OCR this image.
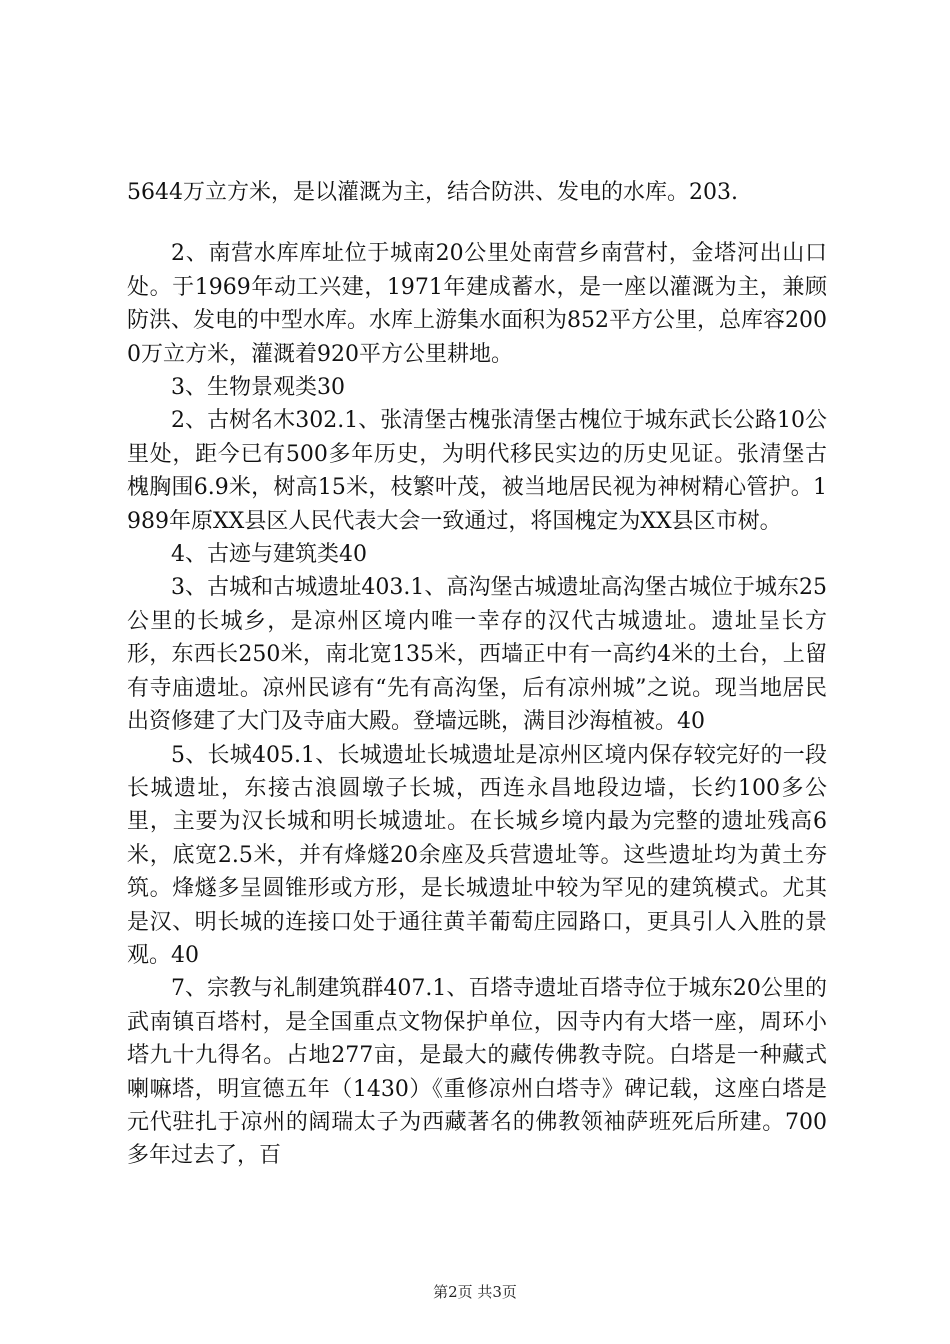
5644万立方米，是以灌溉为主，结合防洪、发电的水库。203.

2、南营水库库址位于城南20公里处南营乡南营村，金塔河出山口处。于1969年动工兴建，1971年建成蓄水，是一座以灌溉为主，兼顾防洪、发电的中型水库。水库上游集水面积为852平方公里，总库容2000万立方米，灌溉着920平方公里耕地。

3、生物景观类30

2、古树名木302.1、张清堡古槐张清堡古槐位于城东武长公路10公里处，距今已有500多年历史，为明代移民实边的历史见证。张清堡古槐胸围6.9米，树高15米，枝繁叶茂，被当地居民视为神树精心管护。1989年原XX县区人民代表大会一致通过，将国槐定为XX县区市树。

4、古迹与建筑类40

3、古城和古城遗址403.1、高沟堡古城遗址高沟堡古城位于城东25公里的长城乡，是凉州区境内唯一幸存的汉代古城遗址。遗址呈长方形，东西长250米，南北宽135米，西墙正中有一高约4米的土台，上留有寺庙遗址。凉州民谚有“先有高沟堡，后有凉州城”之说。现当地居民出资修建了大门及寺庙大殿。登墙远眺，满目沙海植被。40

5、长城405.1、长城遗址长城遗址是凉州区境内保存较完好的一段长城遗址，东接古浪圆墩子长城，西连永昌地段边墙，长约100多公里，主要为汉长城和明长城遗址。在长城乡境内最为完整的遗址残高6米，底宽2.5米，并有烽燧20余座及兵营遗址等。这些遗址均为黄土夯筑。烽燧多呈圆锥形或方形，是长城遗址中较为罕见的建筑模式。尤其是汉、明长城的连接口处于通往黄羊葡萄庄园路口，更具引人入胜的景观。40

7、宗教与礼制建筑群407.1、百塔寺遗址百塔寺位于城东20公里的武南镇百塔村，是全国重点文物保护单位，因寺内有大塔一座，周环小塔九十九得名。占地277亩，是最大的藏传佛教寺院。白塔是一种藏式喇嘛塔，明宣德五年（1430）《重修凉州白塔寺》碑记载，这座白塔是元代驻扎于凉州的阔瑞太子为西藏著名的佛教领袖萨班死后所建。700多年过去了，百

第2页 共3页
